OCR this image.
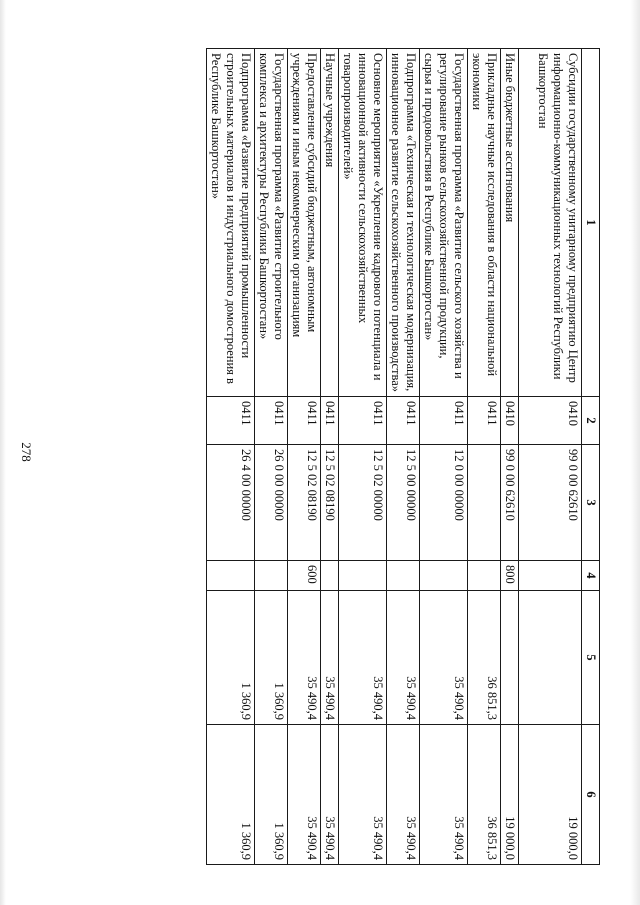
278
1	2	3	4	5	6
Субсидии государственному унитарному предприятию Центр информационно-коммуникационных технологий Республики Башкортостан	0410	99 0 00 62610			19 000,0
Иные бюджетные ассигнования	0410	99 0 00 62610	800		19 000,0
Прикладные научные исследования в области национальной экономики	0411			36 851,3	36 851,3
Государственная программа «Развитие сельского хозяйства и регулирование рынков сельскохозяйственной продукции, сырья и продовольствия в Республике Башкортостан»	0411	12 0 00 00000		35 490,4	35 490,4
Подпрограмма «Техническая и технологическая модернизация, инновационное развитие сельскохозяйственного производства»	0411	12 5 00 00000		35 490,4	35 490,4
Основное мероприятие «Укрепление кадрового потенциала и инновационной активности сельскохозяйственных товаропроизводителей»	0411	12 5 02 00000		35 490,4	35 490,4
Научные учреждения	0411	12 5 02 08190		35 490,4	35 490,4
Предоставление субсидий бюджетным, автономным учреждениям и иным некоммерческим организациям	0411	12 5 02 08190	600	35 490,4	35 490,4
Государственная программа «Развитие строительного комплекса и архитектуры Республики Башкортостан»	0411	26 0 00 00000		1 360,9	1 360,9
Подпрограмма «Развитие предприятий промышленности строительных материалов и индустриального домостроения в Республике Башкортостан»	0411	26 4 00 00000		1 360,9	1 360,9
